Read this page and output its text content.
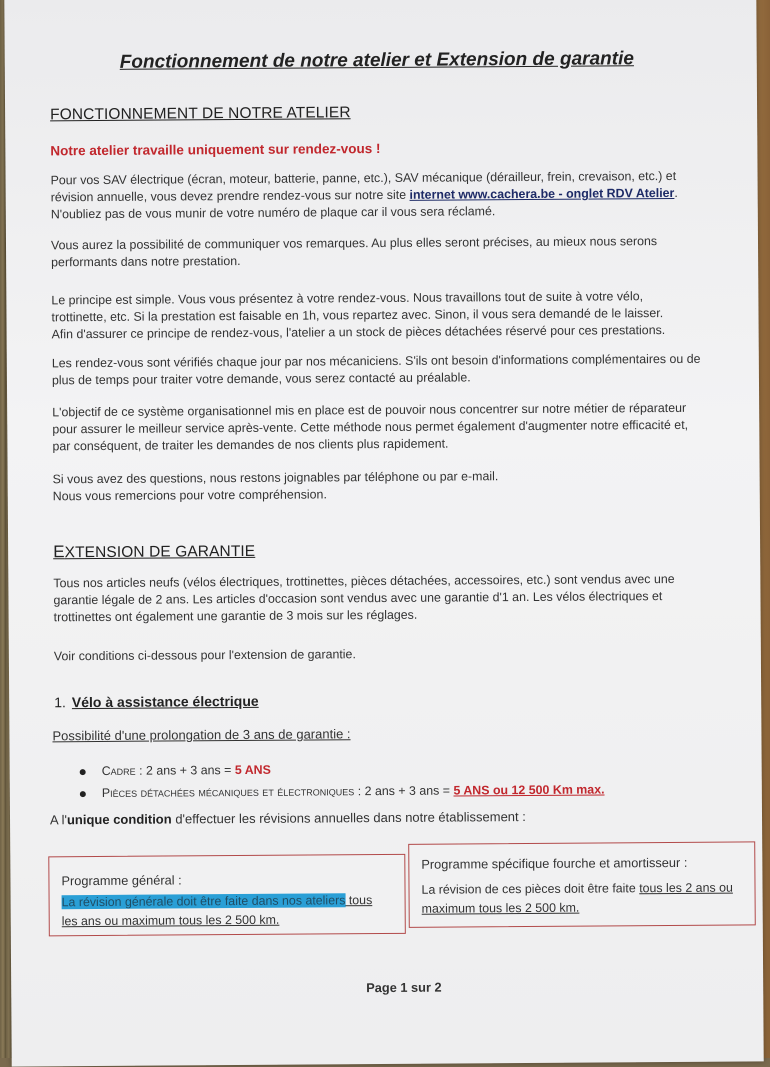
Fonctionnement de notre atelier et Extension de garantie
FONCTIONNEMENT DE NOTRE ATELIER
Notre atelier travaille uniquement sur rendez-vous !
Pour vos SAV électrique (écran, moteur, batterie, panne, etc.), SAV mécanique (dérailleur, frein, crevaison, etc.) et
révision annuelle, vous devez prendre rendez-vous sur notre site internet www.cachera.be - onglet RDV Atelier.
N'oubliez pas de vous munir de votre numéro de plaque car il vous sera réclamé.
Vous aurez la possibilité de communiquer vos remarques. Au plus elles seront précises, au mieux nous serons
performants dans notre prestation.
Le principe est simple. Vous vous présentez à votre rendez-vous. Nous travaillons tout de suite à votre vélo,
trottinette, etc. Si la prestation est faisable en 1h, vous repartez avec. Sinon, il vous sera demandé de le laisser.
Afin d'assurer ce principe de rendez-vous, l'atelier a un stock de pièces détachées réservé pour ces prestations.
Les rendez-vous sont vérifiés chaque jour par nos mécaniciens. S'ils ont besoin d'informations complémentaires ou de
plus de temps pour traiter votre demande, vous serez contacté au préalable.
L'objectif de ce système organisationnel mis en place est de pouvoir nous concentrer sur notre métier de réparateur
pour assurer le meilleur service après-vente. Cette méthode nous permet également d'augmenter notre efficacité et,
par conséquent, de traiter les demandes de nos clients plus rapidement.
Si vous avez des questions, nous restons joignables par téléphone ou par e-mail.
Nous vous remercions pour votre compréhension.
EXTENSION DE GARANTIE
Tous nos articles neufs (vélos électriques, trottinettes, pièces détachées, accessoires, etc.) sont vendus avec une
garantie légale de 2 ans. Les articles d'occasion sont vendus avec une garantie d'1 an. Les vélos électriques et
trottinettes ont également une garantie de 3 mois sur les réglages.
Voir conditions ci-dessous pour l'extension de garantie.
1. Vélo à assistance électrique
Possibilité d'une prolongation de 3 ans de garantie :
Cadre : 2 ans + 3 ans = 5 ANS
Pièces détachées mécaniques et électroniques : 2 ans + 3 ans = 5 ANS ou 12 500 Km max.
A l'unique condition d'effectuer les révisions annuelles dans notre établissement :
Programme général :
La révision générale doit être faite dans nos ateliers tous
les ans ou maximum tous les 2 500 km.
Programme spécifique fourche et amortisseur :
La révision de ces pièces doit être faite tous les 2 ans ou
maximum tous les 2 500 km.
Page 1 sur 2
